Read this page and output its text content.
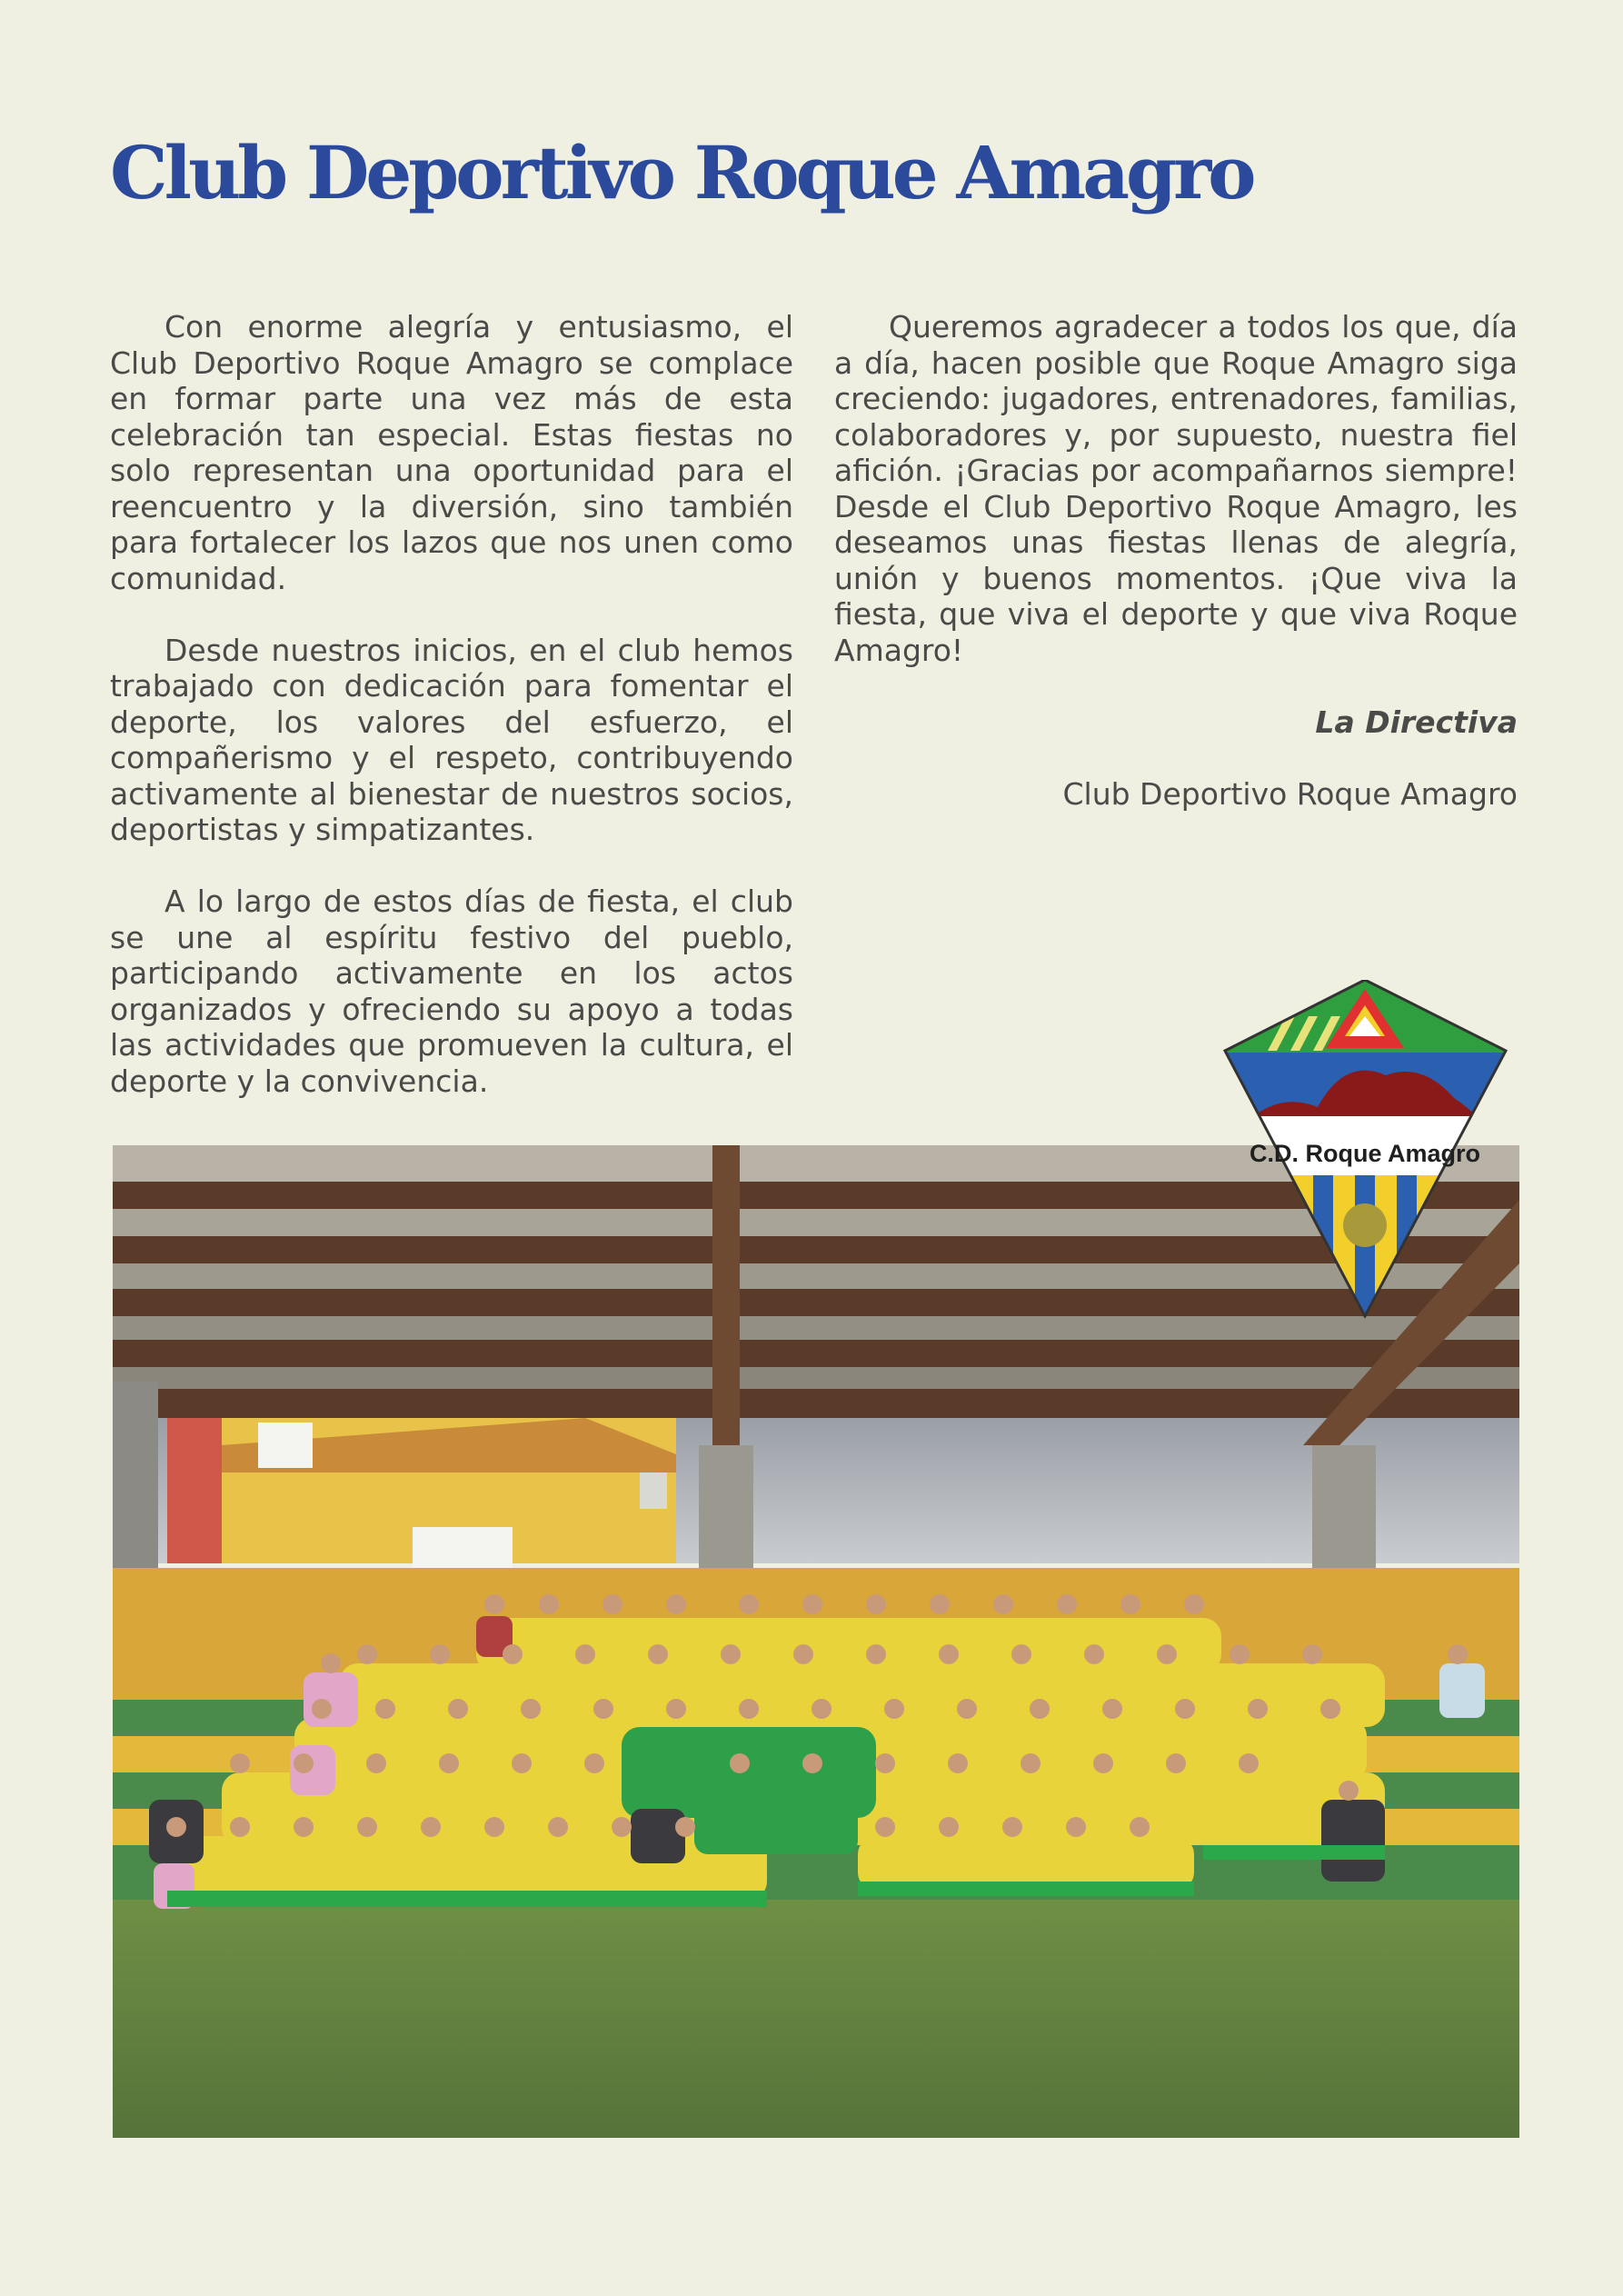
Club Deportivo Roque Amagro

Con enorme alegría y entusiasmo, el Club Deportivo Roque Amagro se complace en formar parte una vez más de esta celebración tan especial. Estas fiestas no solo representan una oportunidad para el reencuentro y la diversión, sino también para fortalecer los lazos que nos unen como comunidad.

Desde nuestros inicios, en el club hemos trabajado con dedicación para fomentar el deporte, los valores del esfuerzo, el compañerismo y el respeto, contribuyendo activamente al bienestar de nuestros socios, deportistas y simpatizantes.

A lo largo de estos días de fiesta, el club se une al espíritu festivo del pueblo, participando activamente en los actos organizados y ofreciendo su apoyo a todas las actividades que promueven la cultura, el deporte y la convivencia.

Queremos agradecer a todos los que, día a día, hacen posible que Roque Amagro siga creciendo: jugadores, entrenadores, familias, colaboradores y, por supuesto, nuestra fiel afición. ¡Gracias por acompañarnos siempre! Desde el Club Deportivo Roque Amagro, les deseamos unas fiestas llenas de alegría, unión y buenos momentos. ¡Que viva la fiesta, que viva el deporte y que viva Roque Amagro!

La Directiva

Club Deportivo Roque Amagro

C.D. Roque Amagro
